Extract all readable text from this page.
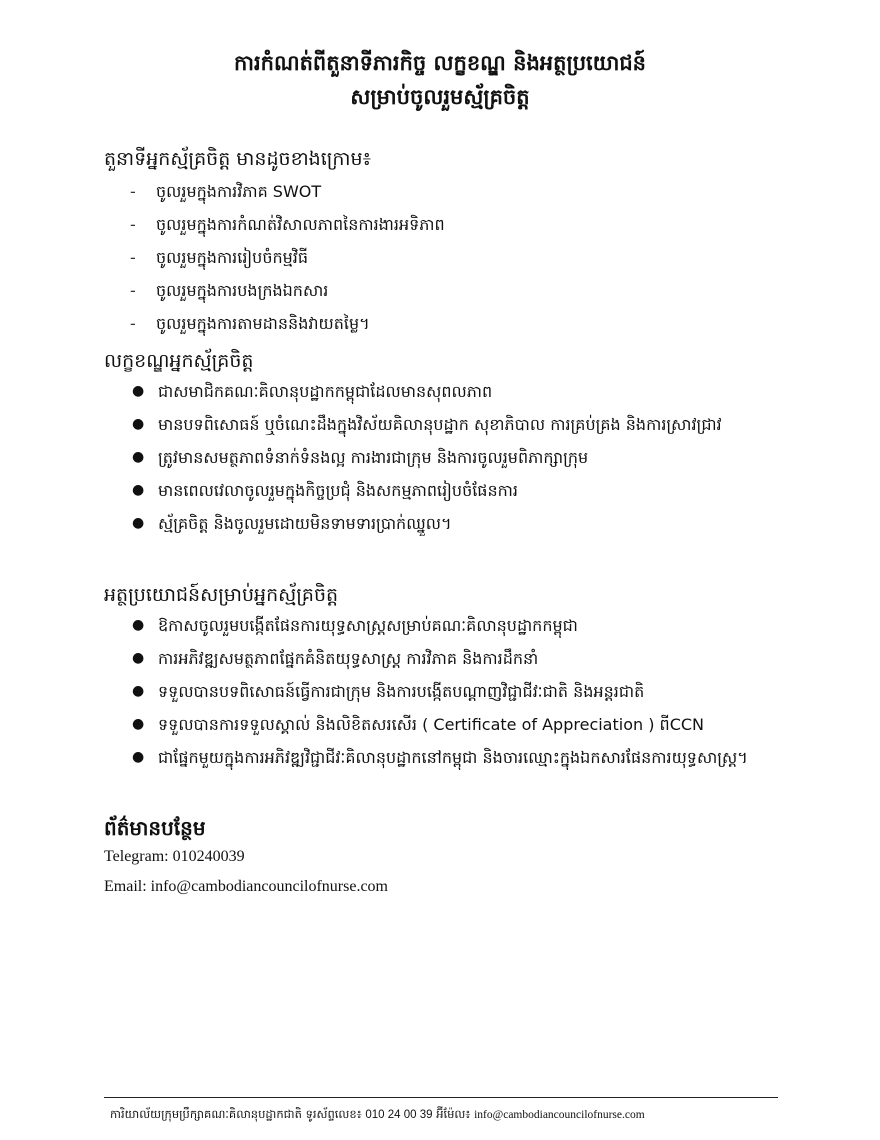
ការកំណត់ពីតួនាទីភារកិច្ច លក្ខខណ្ឌ និងអត្ថប្រយោជន៍
សម្រាប់ចូលរួមស្ម័គ្រចិត្ត
តួនាទីអ្នកស្ម័គ្រចិត្ត មានដូចខាងក្រោម៖
-	ចូលរួមក្នុងការវិភាគ SWOT
-	ចូលរួមក្នុងការកំណត់វិសាលភាពនៃការងារអទិភាព
-	ចូលរួមក្នុងការរៀបចំកម្មវិធី
-	ចូលរួមក្នុងការបងក្រងឯកសារ
-	ចូលរួមក្នុងការតាមដាននិងវាយតម្លៃ។
លក្ខខណ្ឌអ្នកស្ម័គ្រចិត្ត
● ជាសមាជិកគណៈគិលានុបដ្ឋាកកម្ពុជាដែលមានសុពលភាព
● មានបទពិសោធន៍ ឬចំណេះដឹងក្នុងវិស័យគិលានុបដ្ឋាក សុខាភិបាល ការគ្រប់គ្រង និងការស្រាវជ្រាវ
● ត្រូវមានសមត្ថភាពទំនាក់ទំនងល្អ ការងារជាក្រុម និងការចូលរួមពិភាក្សាក្រុម
● មានពេលវេលាចូលរួមក្នុងកិច្ចប្រជុំ និងសកម្មភាពរៀបចំផែនការ
● ស្ម័គ្រចិត្ត និងចូលរួមដោយមិនទាមទារប្រាក់ឈ្នួល។
អត្ថប្រយោជន៍សម្រាប់អ្នកស្ម័គ្រចិត្ត
● ឱកាសចូលរួមបង្កើតផែនការយុទ្ធសាស្ត្រសម្រាប់គណៈគិលានុបដ្ឋាកកម្ពុជា
● ការអភិវឌ្ឍសមត្ថភាពផ្នែកគំនិតយុទ្ធសាស្ត្រ ការវិភាគ និងការដឹកនាំ
● ទទួលបានបទពិសោធន៍ធ្វើការជាក្រុម និងការបង្កើតបណ្តាញវិជ្ជាជីវៈជាតិ និងអន្តរជាតិ
● ទទួលបានការទទួលស្គាល់ និងលិខិតសរសើរ ( Certificate of Appreciation ) ពីCCN
● ជាផ្នែកមួយក្នុងការអភិវឌ្ឍវិជ្ជាជីវៈគិលានុបដ្ឋាកនៅកម្ពុជា និងចារឈ្មោះក្នុងឯកសារផែនការយុទ្ធសាស្ត្រ។
ព័ត៌មានបន្ថែម
Telegram: 010240039
Email: info@cambodiancouncilofnurse.com
ការិយាល័យក្រុមប្រឹក្សាគណៈគិលានុបដ្ឋាកជាតិ ទូរស័ព្ទលេខ៖ 010 24 00 39 អ៊ីម៉ែល៖ info@cambodiancouncilofnurse.com
